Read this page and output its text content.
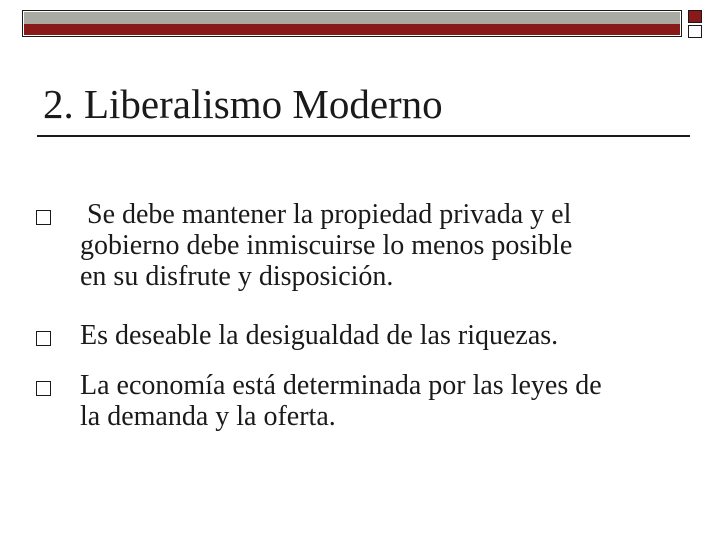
2. Liberalismo Moderno
Se debe mantener la propiedad privada y el
gobierno debe inmiscuirse lo menos posible
en su disfrute y disposición.
Es deseable la desigualdad de las riquezas.
La economía está determinada por las leyes de
la demanda y la oferta.
